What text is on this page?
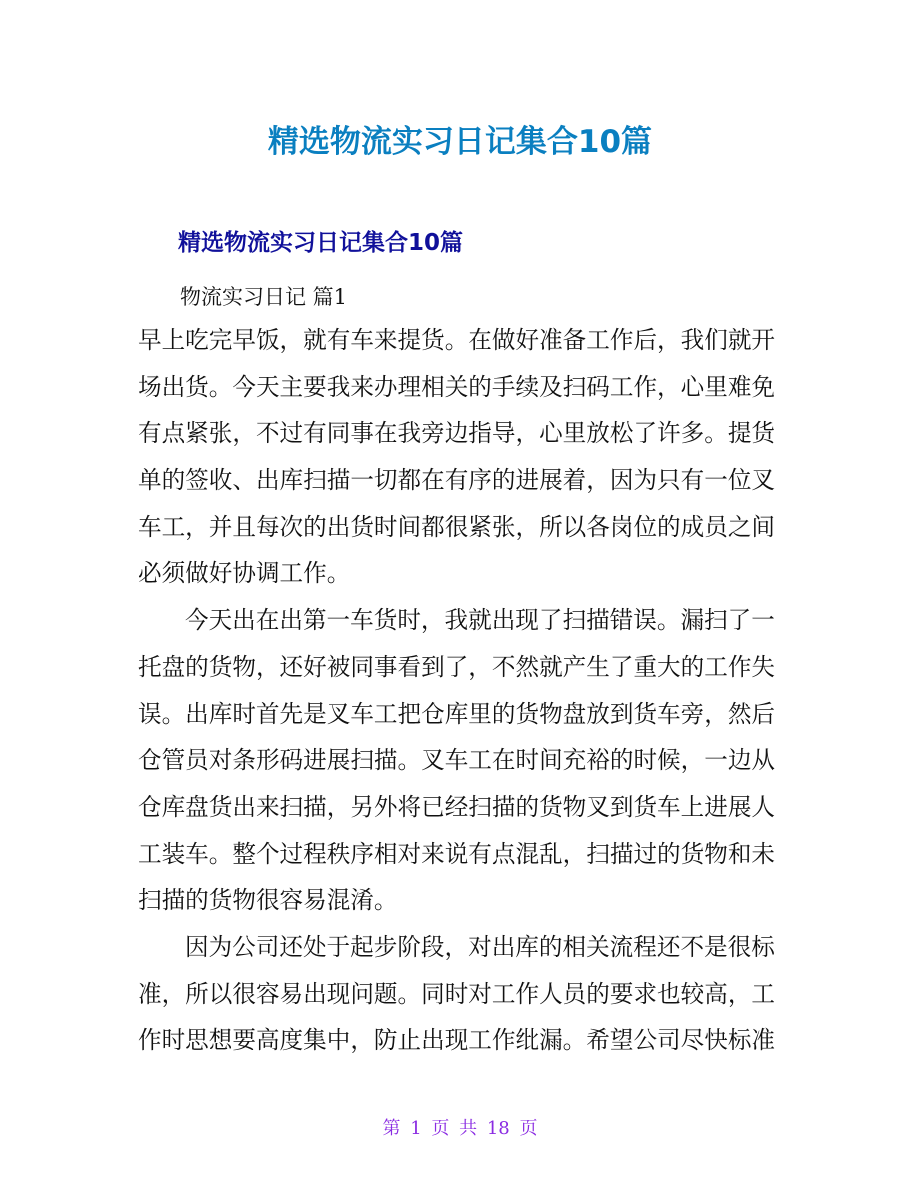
精选物流实习日记集合10篇
精选物流实习日记集合10篇
物流实习日记 篇1
早上吃完早饭，就有车来提货。在做好准备工作后，我们就开
场出货。今天主要我来办理相关的手续及扫码工作，心里难免
有点紧张，不过有同事在我旁边指导，心里放松了许多。提货
单的签收、出库扫描一切都在有序的进展着，因为只有一位叉
车工，并且每次的出货时间都很紧张，所以各岗位的成员之间
必须做好协调工作。
今天出在出第一车货时，我就出现了扫描错误。漏扫了一
托盘的货物，还好被同事看到了，不然就产生了重大的工作失
误。出库时首先是叉车工把仓库里的货物盘放到货车旁，然后
仓管员对条形码进展扫描。叉车工在时间充裕的时候，一边从
仓库盘货出来扫描，另外将已经扫描的货物叉到货车上进展人
工装车。整个过程秩序相对来说有点混乱，扫描过的货物和未
扫描的货物很容易混淆。
因为公司还处于起步阶段，对出库的相关流程还不是很标
准，所以很容易出现问题。同时对工作人员的要求也较高，工
作时思想要高度集中，防止出现工作纰漏。希望公司尽快标准
第 1 页 共 18 页
